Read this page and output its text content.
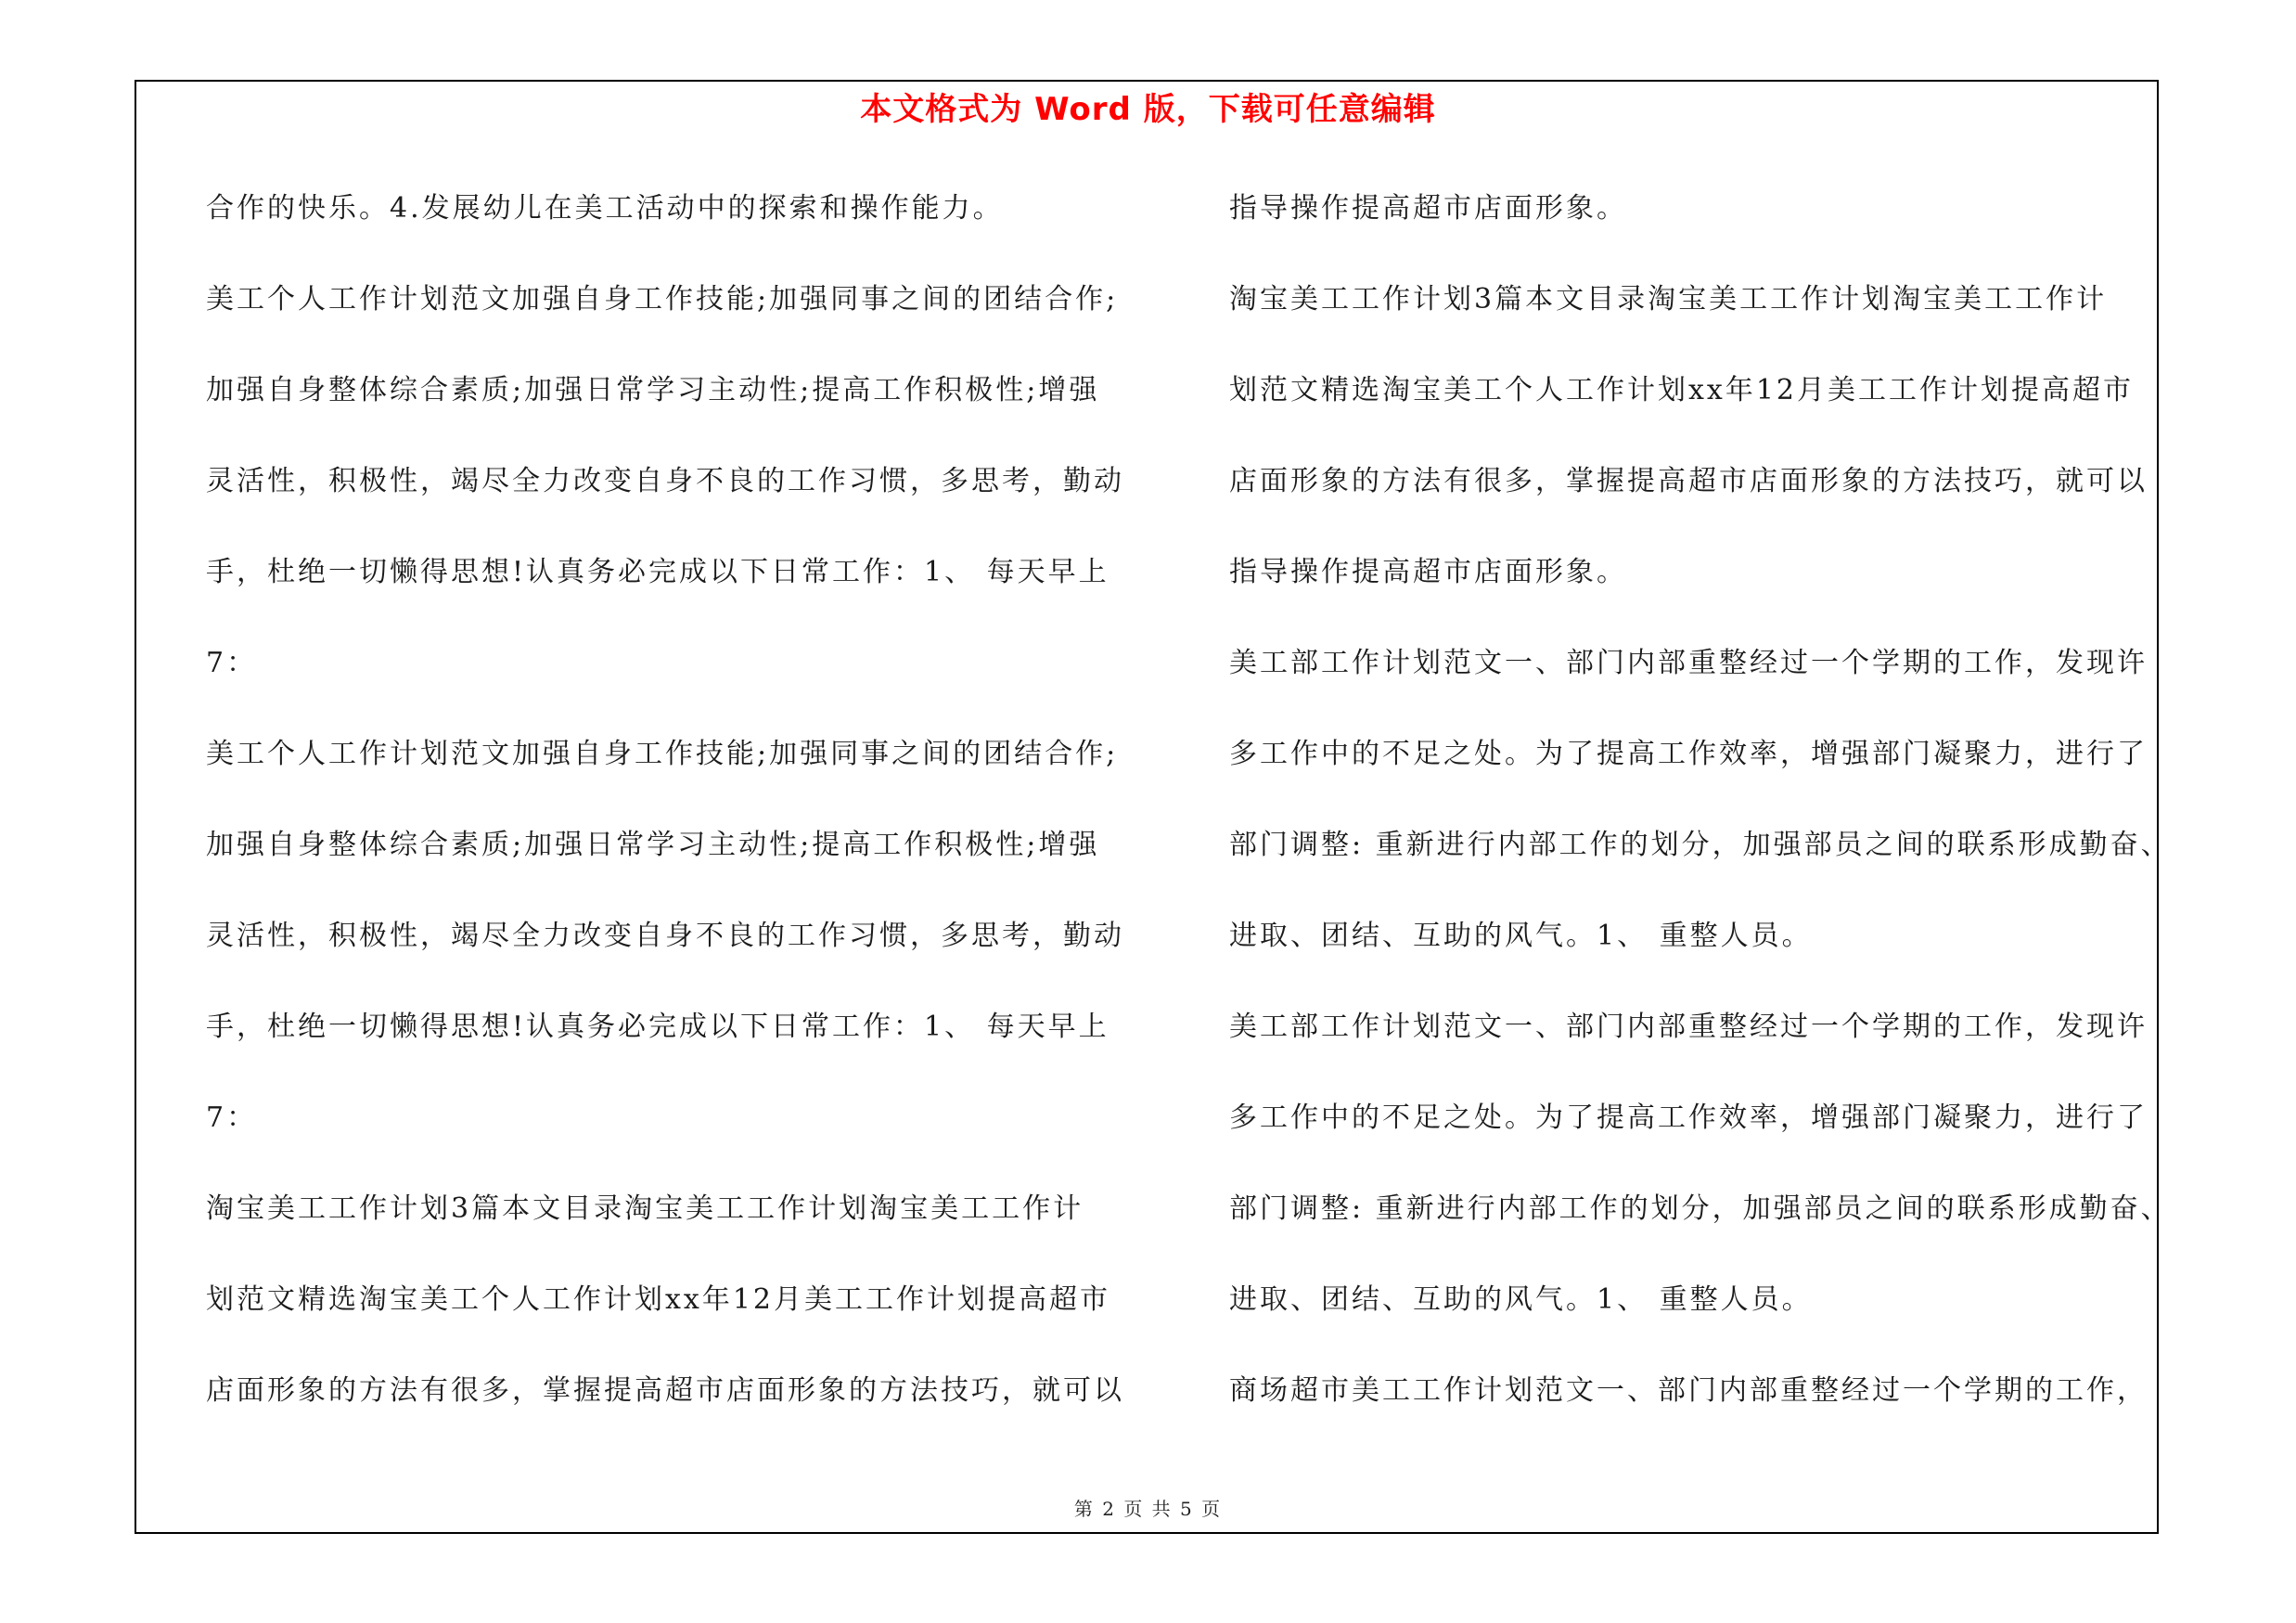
本文格式为 Word 版，下载可任意编辑
合作的快乐。4.发展幼儿在美工活动中的探索和操作能力。
美工个人工作计划范文加强自身工作技能;加强同事之间的团结合作;
加强自身整体综合素质;加强日常学习主动性;提高工作积极性;增强
灵活性，积极性，竭尽全力改变自身不良的工作习惯，多思考，勤动
手，杜绝一切懒得思想!认真务必完成以下日常工作：1、 每天早上
7：
美工个人工作计划范文加强自身工作技能;加强同事之间的团结合作;
加强自身整体综合素质;加强日常学习主动性;提高工作积极性;增强
灵活性，积极性，竭尽全力改变自身不良的工作习惯，多思考，勤动
手，杜绝一切懒得思想!认真务必完成以下日常工作：1、 每天早上
7：
淘宝美工工作计划3篇本文目录淘宝美工工作计划淘宝美工工作计
划范文精选淘宝美工个人工作计划xx年12月美工工作计划提高超市
店面形象的方法有很多，掌握提高超市店面形象的方法技巧，就可以
指导操作提高超市店面形象。
淘宝美工工作计划3篇本文目录淘宝美工工作计划淘宝美工工作计
划范文精选淘宝美工个人工作计划xx年12月美工工作计划提高超市
店面形象的方法有很多，掌握提高超市店面形象的方法技巧，就可以
指导操作提高超市店面形象。
美工部工作计划范文一、部门内部重整经过一个学期的工作，发现许
多工作中的不足之处。为了提高工作效率，增强部门凝聚力，进行了
部门调整: 重新进行内部工作的划分，加强部员之间的联系形成勤奋、
进取、团结、互助的风气。1、 重整人员。
美工部工作计划范文一、部门内部重整经过一个学期的工作，发现许
多工作中的不足之处。为了提高工作效率，增强部门凝聚力，进行了
部门调整: 重新进行内部工作的划分，加强部员之间的联系形成勤奋、
进取、团结、互助的风气。1、 重整人员。
商场超市美工工作计划范文一、部门内部重整经过一个学期的工作，
第 2 页 共 5 页
